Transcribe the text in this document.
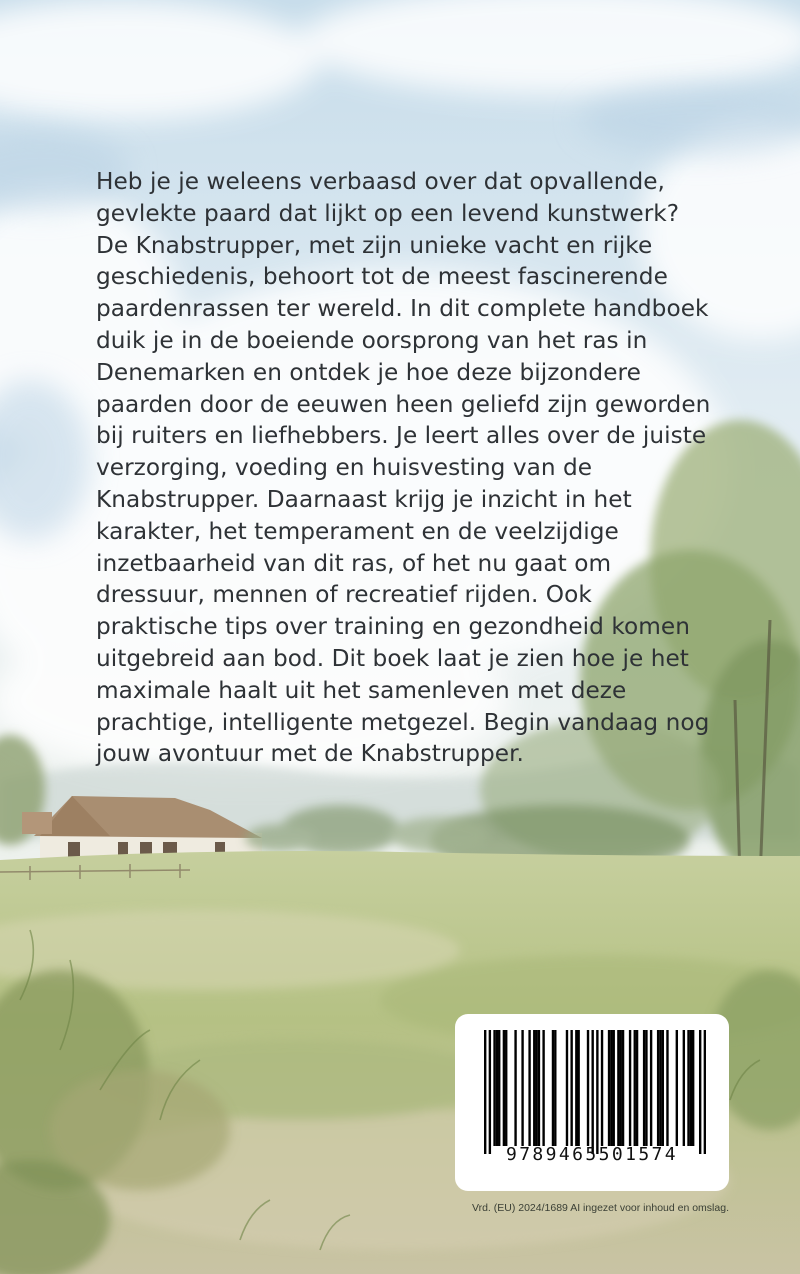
Heb je je weleens verbaasd over dat opvallende, gevlekte paard dat lijkt op een levend kunstwerk? De Knabstrupper, met zijn unieke vacht en rijke geschiedenis, behoort tot de meest fascinerende paardenrassen ter wereld. In dit complete handboek duik je in de boeiende oorsprong van het ras in Denemarken en ontdek je hoe deze bijzondere paarden door de eeuwen heen geliefd zijn geworden bij ruiters en liefhebbers. Je leert alles over de juiste verzorging, voeding en huisvesting van de Knabstrupper. Daarnaast krijg je inzicht in het karakter, het temperament en de veelzijdige inzetbaarheid van dit ras, of het nu gaat om dressuur, mennen of recreatief rijden. Ook praktische tips over training en gezondheid komen uitgebreid aan bod. Dit boek laat je zien hoe je het maximale haalt uit het samenleven met deze prachtige, intelligente metgezel. Begin vandaag nog jouw avontuur met de Knabstrupper.

9789465501574
Vrd. (EU) 2024/1689 AI ingezet voor inhoud en omslag.
